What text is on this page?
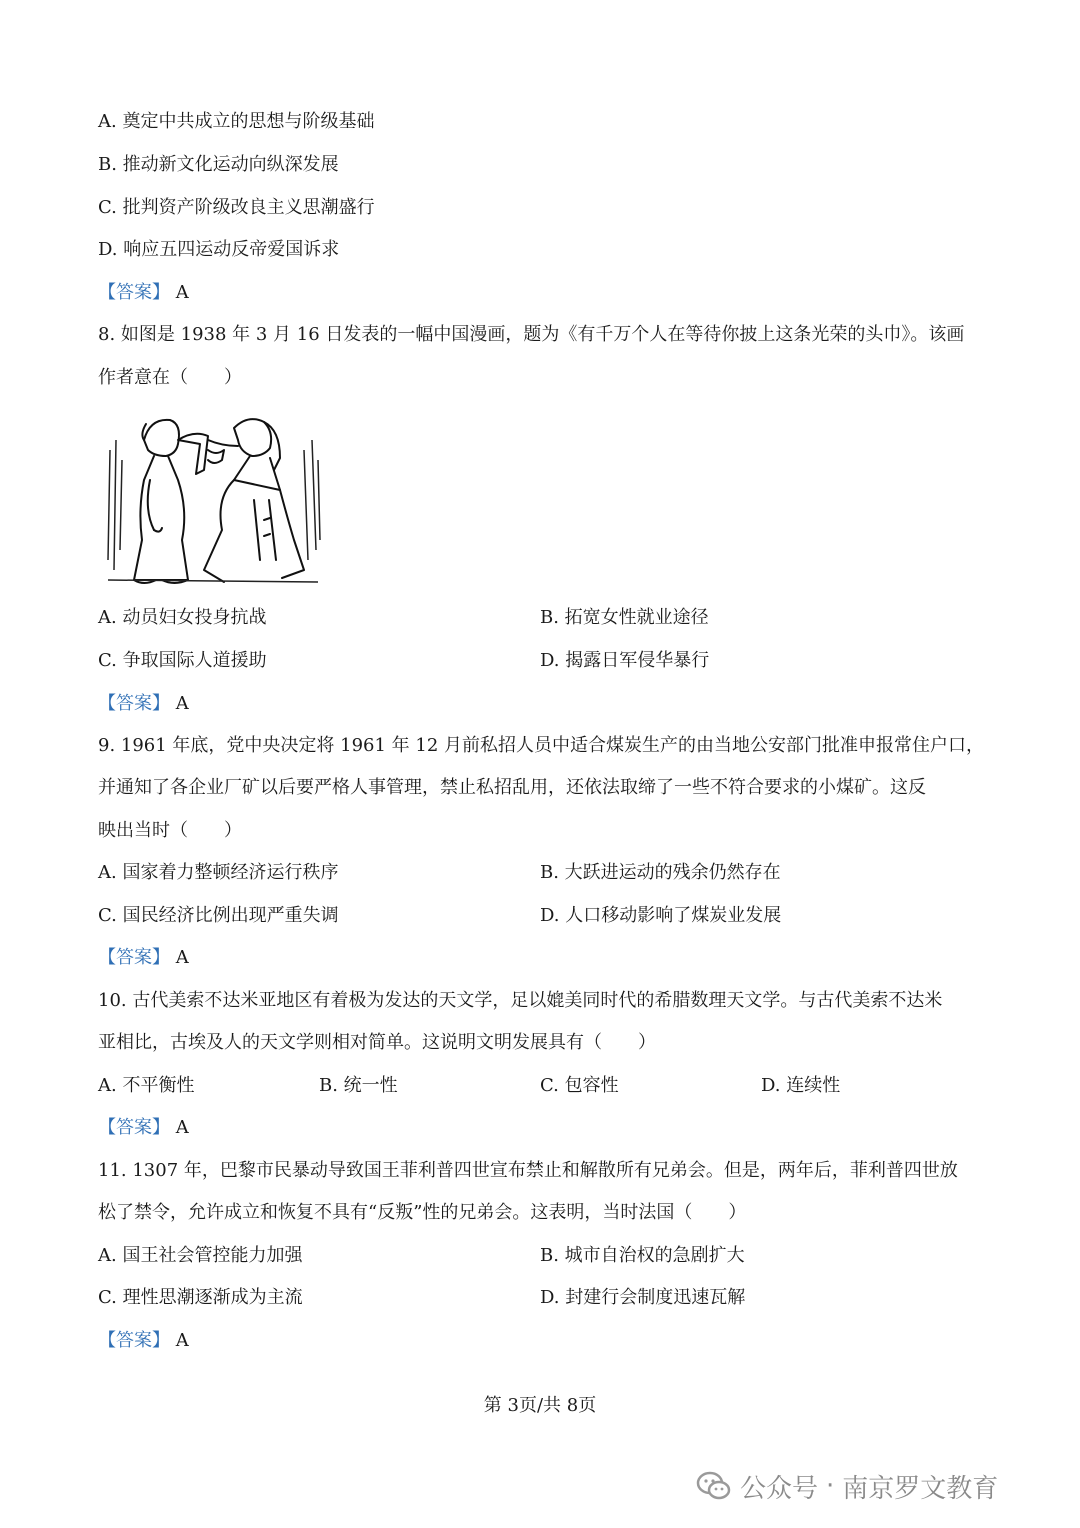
A. 奠定中共成立的思想与阶级基础
B. 推动新文化运动向纵深发展
C. 批判资产阶级改良主义思潮盛行
D. 响应五四运动反帝爱国诉求
【答案】 A
8. 如图是 1938 年 3 月 16 日发表的一幅中国漫画，题为《有千万个人在等待你披上这条光荣的头巾》。该画
作者意在（　　）
A. 动员妇女投身抗战	B. 拓宽女性就业途径
C. 争取国际人道援助	D. 揭露日军侵华暴行
【答案】 A
9. 1961 年底，党中央决定将 1961 年 12 月前私招人员中适合煤炭生产的由当地公安部门批准申报常住户口，
并通知了各企业厂矿以后要严格人事管理，禁止私招乱用，还依法取缔了一些不符合要求的小煤矿。这反
映出当时（　　）
A. 国家着力整顿经济运行秩序	B. 大跃进运动的残余仍然存在
C. 国民经济比例出现严重失调	D. 人口移动影响了煤炭业发展
【答案】 A
10. 古代美索不达米亚地区有着极为发达的天文学，足以媲美同时代的希腊数理天文学。与古代美索不达米
亚相比，古埃及人的天文学则相对简单。这说明文明发展具有（　　）
A. 不平衡性	B. 统一性	C. 包容性	D. 连续性
【答案】 A
11. 1307 年，巴黎市民暴动导致国王菲利普四世宣布禁止和解散所有兄弟会。但是，两年后，菲利普四世放
松了禁令，允许成立和恢复不具有“反叛”性的兄弟会。这表明，当时法国（　　）
A. 国王社会管控能力加强	B. 城市自治权的急剧扩大
C. 理性思潮逐渐成为主流	D. 封建行会制度迅速瓦解
【答案】 A
第 3页/共 8页
公众号 · 南京罗文教育
